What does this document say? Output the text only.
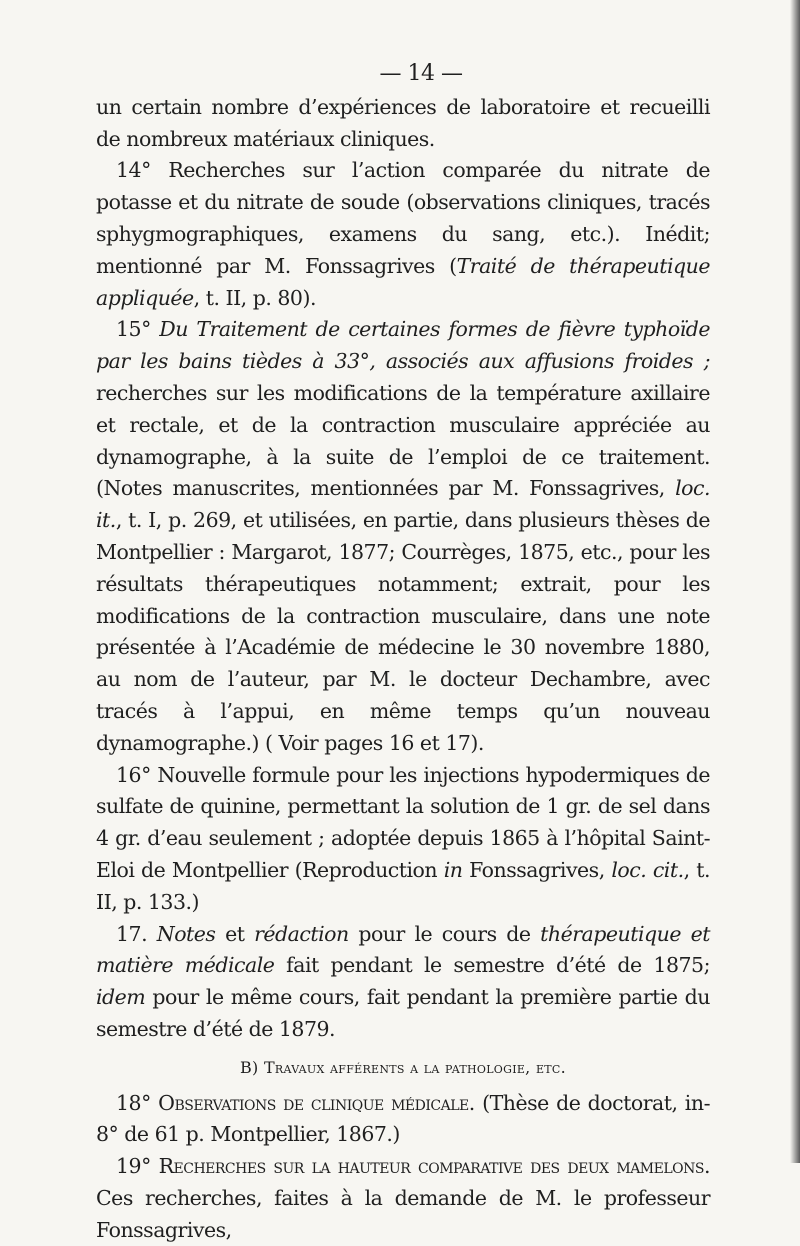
— 14 —

un certain nombre d’expériences de laboratoire et recueilli de nombreux matériaux cliniques.

14° Recherches sur l’action comparée du nitrate de potasse et du nitrate de soude (observations cliniques, tracés sphygmographiques, examens du sang, etc.). Inédit; mentionné par M. Fonssagrives (Traité de thérapeutique appliquée, t. II, p. 80).

15° Du Traitement de certaines formes de fièvre typhoïde par les bains tièdes à 33°, associés aux affusions froides ; recherches sur les modifications de la température axillaire et rectale, et de la contraction musculaire appréciée au dynamographe, à la suite de l’emploi de ce traitement. (Notes manuscrites, mentionnées par M. Fonssagrives, loc. it., t. I, p. 269, et utilisées, en partie, dans plusieurs thèses de Montpellier : Margarot, 1877; Courrèges, 1875, etc., pour les résultats thérapeutiques notamment; extrait, pour les modifications de la contraction musculaire, dans une note présentée à l’Académie de médecine le 30 novembre 1880, au nom de l’auteur, par M. le docteur Dechambre, avec tracés à l’appui, en même temps qu’un nouveau dynamographe.) ( Voir pages 16 et 17).

16° Nouvelle formule pour les injections hypodermiques de sulfate de quinine, permettant la solution de 1 gr. de sel dans 4 gr. d’eau seulement ; adoptée depuis 1865 à l’hôpital Saint-Eloi de Montpellier (Reproduction in Fonssagrives, loc. cit., t. II, p. 133.)

17. Notes et rédaction pour le cours de thérapeutique et matière médicale fait pendant le semestre d’été de 1875; idem pour le même cours, fait pendant la première partie du semestre d’été de 1879.

B) Travaux afférents a la pathologie, etc.

18° Observations de clinique médicale. (Thèse de doctorat, in-8° de 61 p. Montpellier, 1867.)

19° Recherches sur la hauteur comparative des deux mamelons. Ces recherches, faites à la demande de M. le professeur Fonssagrives,
